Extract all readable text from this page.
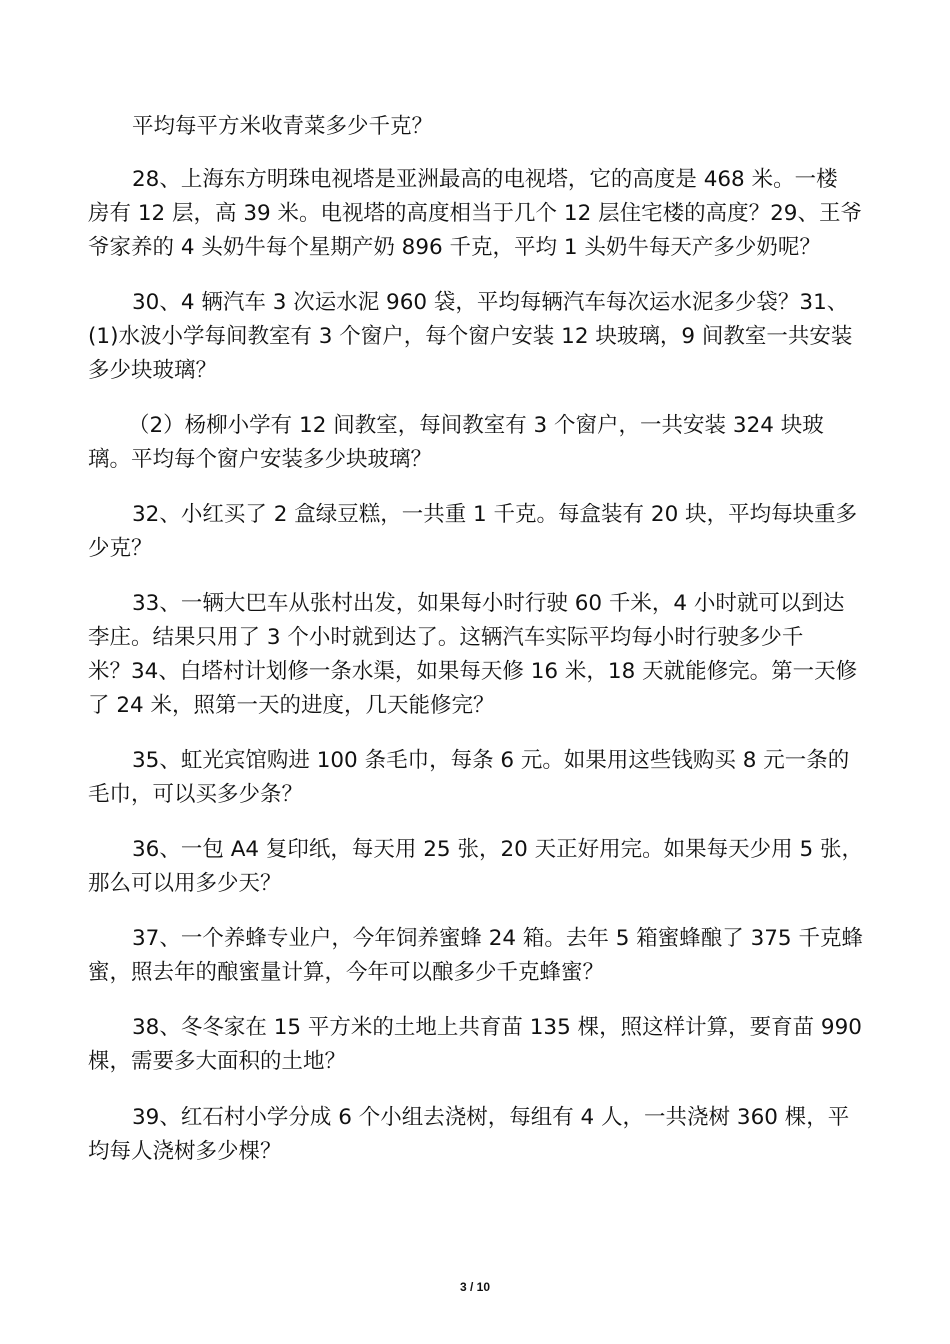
平均每平方米收青菜多少千克？

28、上海东方明珠电视塔是亚洲最高的电视塔，它的高度是 468 米。一楼
房有 12 层，高 39 米。电视塔的高度相当于几个 12 层住宅楼的高度？29、王爷
爷家养的 4 头奶牛每个星期产奶 896 千克，平均 1 头奶牛每天产多少奶呢？

30、4 辆汽车 3 次运水泥 960 袋，平均每辆汽车每次运水泥多少袋？31、
(1)水波小学每间教室有 3 个窗户，每个窗户安装 12 块玻璃，9 间教室一共安装
多少块玻璃？

（2）杨柳小学有 12 间教室，每间教室有 3 个窗户，一共安装 324 块玻
璃。平均每个窗户安装多少块玻璃？

32、小红买了 2 盒绿豆糕，一共重 1 千克。每盒装有 20 块，平均每块重多
少克？

33、一辆大巴车从张村出发，如果每小时行驶 60 千米，4 小时就可以到达
李庄。结果只用了 3 个小时就到达了。这辆汽车实际平均每小时行驶多少千
米？34、白塔村计划修一条水渠，如果每天修 16 米，18 天就能修完。第一天修
了 24 米，照第一天的进度，几天能修完？

35、虹光宾馆购进 100 条毛巾，每条 6 元。如果用这些钱购买 8 元一条的
毛巾，可以买多少条？

36、一包 A4 复印纸，每天用 25 张，20 天正好用完。如果每天少用 5 张，
那么可以用多少天？

37、一个养蜂专业户，今年饲养蜜蜂 24 箱。去年 5 箱蜜蜂酿了 375 千克蜂
蜜，照去年的酿蜜量计算，今年可以酿多少千克蜂蜜？

38、冬冬家在 15 平方米的土地上共育苗 135 棵，照这样计算，要育苗 990
棵，需要多大面积的土地？

39、红石村小学分成 6 个小组去浇树，每组有 4 人，一共浇树 360 棵，平
均每人浇树多少棵？

3 / 10
